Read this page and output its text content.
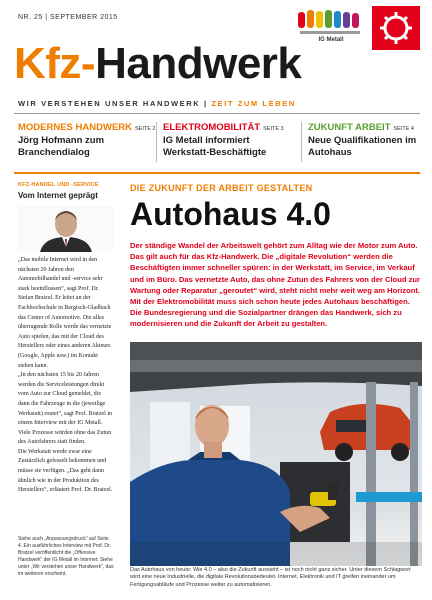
NR. 25 | SEPTEMBER 2015
IG Metall
Kfz-Handwerk
WIR VERSTEHEN UNSER HANDWERK | ZEIT ZUM LEBEN
MODERNES HANDWERK SEITE 2
Jörg Hofmann zum Branchendialog
ELEKTROMOBILITÄT SEITE 3
IG Metall informiert Werkstatt-Beschäftigte
ZUKUNFT ARBEIT SEITE 4
Neue Qualifikationen im Autohaus
KFZ-HANDEL UND -SERVICE
Vom Internet geprägt

„Das mobile Internet wird in den nächsten 20 Jahren den Automobilhandel und -service sehr stark beeinflussen“, sagt Prof. Dr. Stefan Bratzel. Er leitet an der Fachhochschule in Bergisch-Gladbach das Center of Automotive. Die alles überragende Rolle werde das vernetzte Auto spielen, das mit der Cloud des Herstellers oder eines anderen Akteurs (Google, Apple usw.) im Kontakt stehen kann.

„In den nächsten 15 bis 20 Jahren werden die Serviceleistungen direkt vom Auto zur Cloud gemeldet, die dann die Fahrzeuge in die (jeweilige Werkstatt) routet“, sagt Prof. Bratzel in einem Interview mit der IG Metall. Viele Prozesse würden ohne das Zutun des Autofahrers statt finden.

Die Werkstatt werde zwar eine Zustärzlich gefesselt bekommen und müsse sie verfügen. „Das geht dann ähnlich wie in der Produktion des Herstellers“, erläutert Prof. Dr. Bratzel.

Siehe auch „Anpassungsdruck“ auf Seite 4. Ein ausführliches Interview mit Prof. Dr. Bratzel veröffentlicht die „Offensive Handwerk“ der IG Metall im Internet: Siehe unter „Wir verstehen unser Handwerk“, das im weiteren erscheint.
DIE ZUKUNFT DER ARBEIT GESTALTEN
Autohaus 4.0
Der ständige Wandel der Arbeitswelt gehört zum Alltag wie der Motor zum Auto. Das gilt auch für das Kfz-Handwerk. Die „digitale Revolution“ werden die Beschäftigten immer schneller spüren: in der Werkstatt, im Service, im Verkauf und im Büro. Das vernetzte Auto, das ohne Zutun des Fahrers von der Cloud zur Wartung oder Reparatur „geroutet“ wird, steht nicht mehr weit weg am Horizont. Mit der Elektromobilität muss sich schon heute jedes Autohaus beschäftigen. Die Bundesregierung und die Sozialpartner drängen das Handwerk, sich zu modernisieren und die Zukunft der Arbeit zu gestalten.
Das Autohaus von heute: Wie 4.0 – also die Zukunft aussieht – ist noch nicht ganz sicher. Unter diesem Schlagwort wird eine neue Industrielle, die digitale Revolutionsbedeutet. Internet, Elektronik und IT greifen ineinander um Fertigungsabläufe und Prozesse weiter zu automatisieren.
